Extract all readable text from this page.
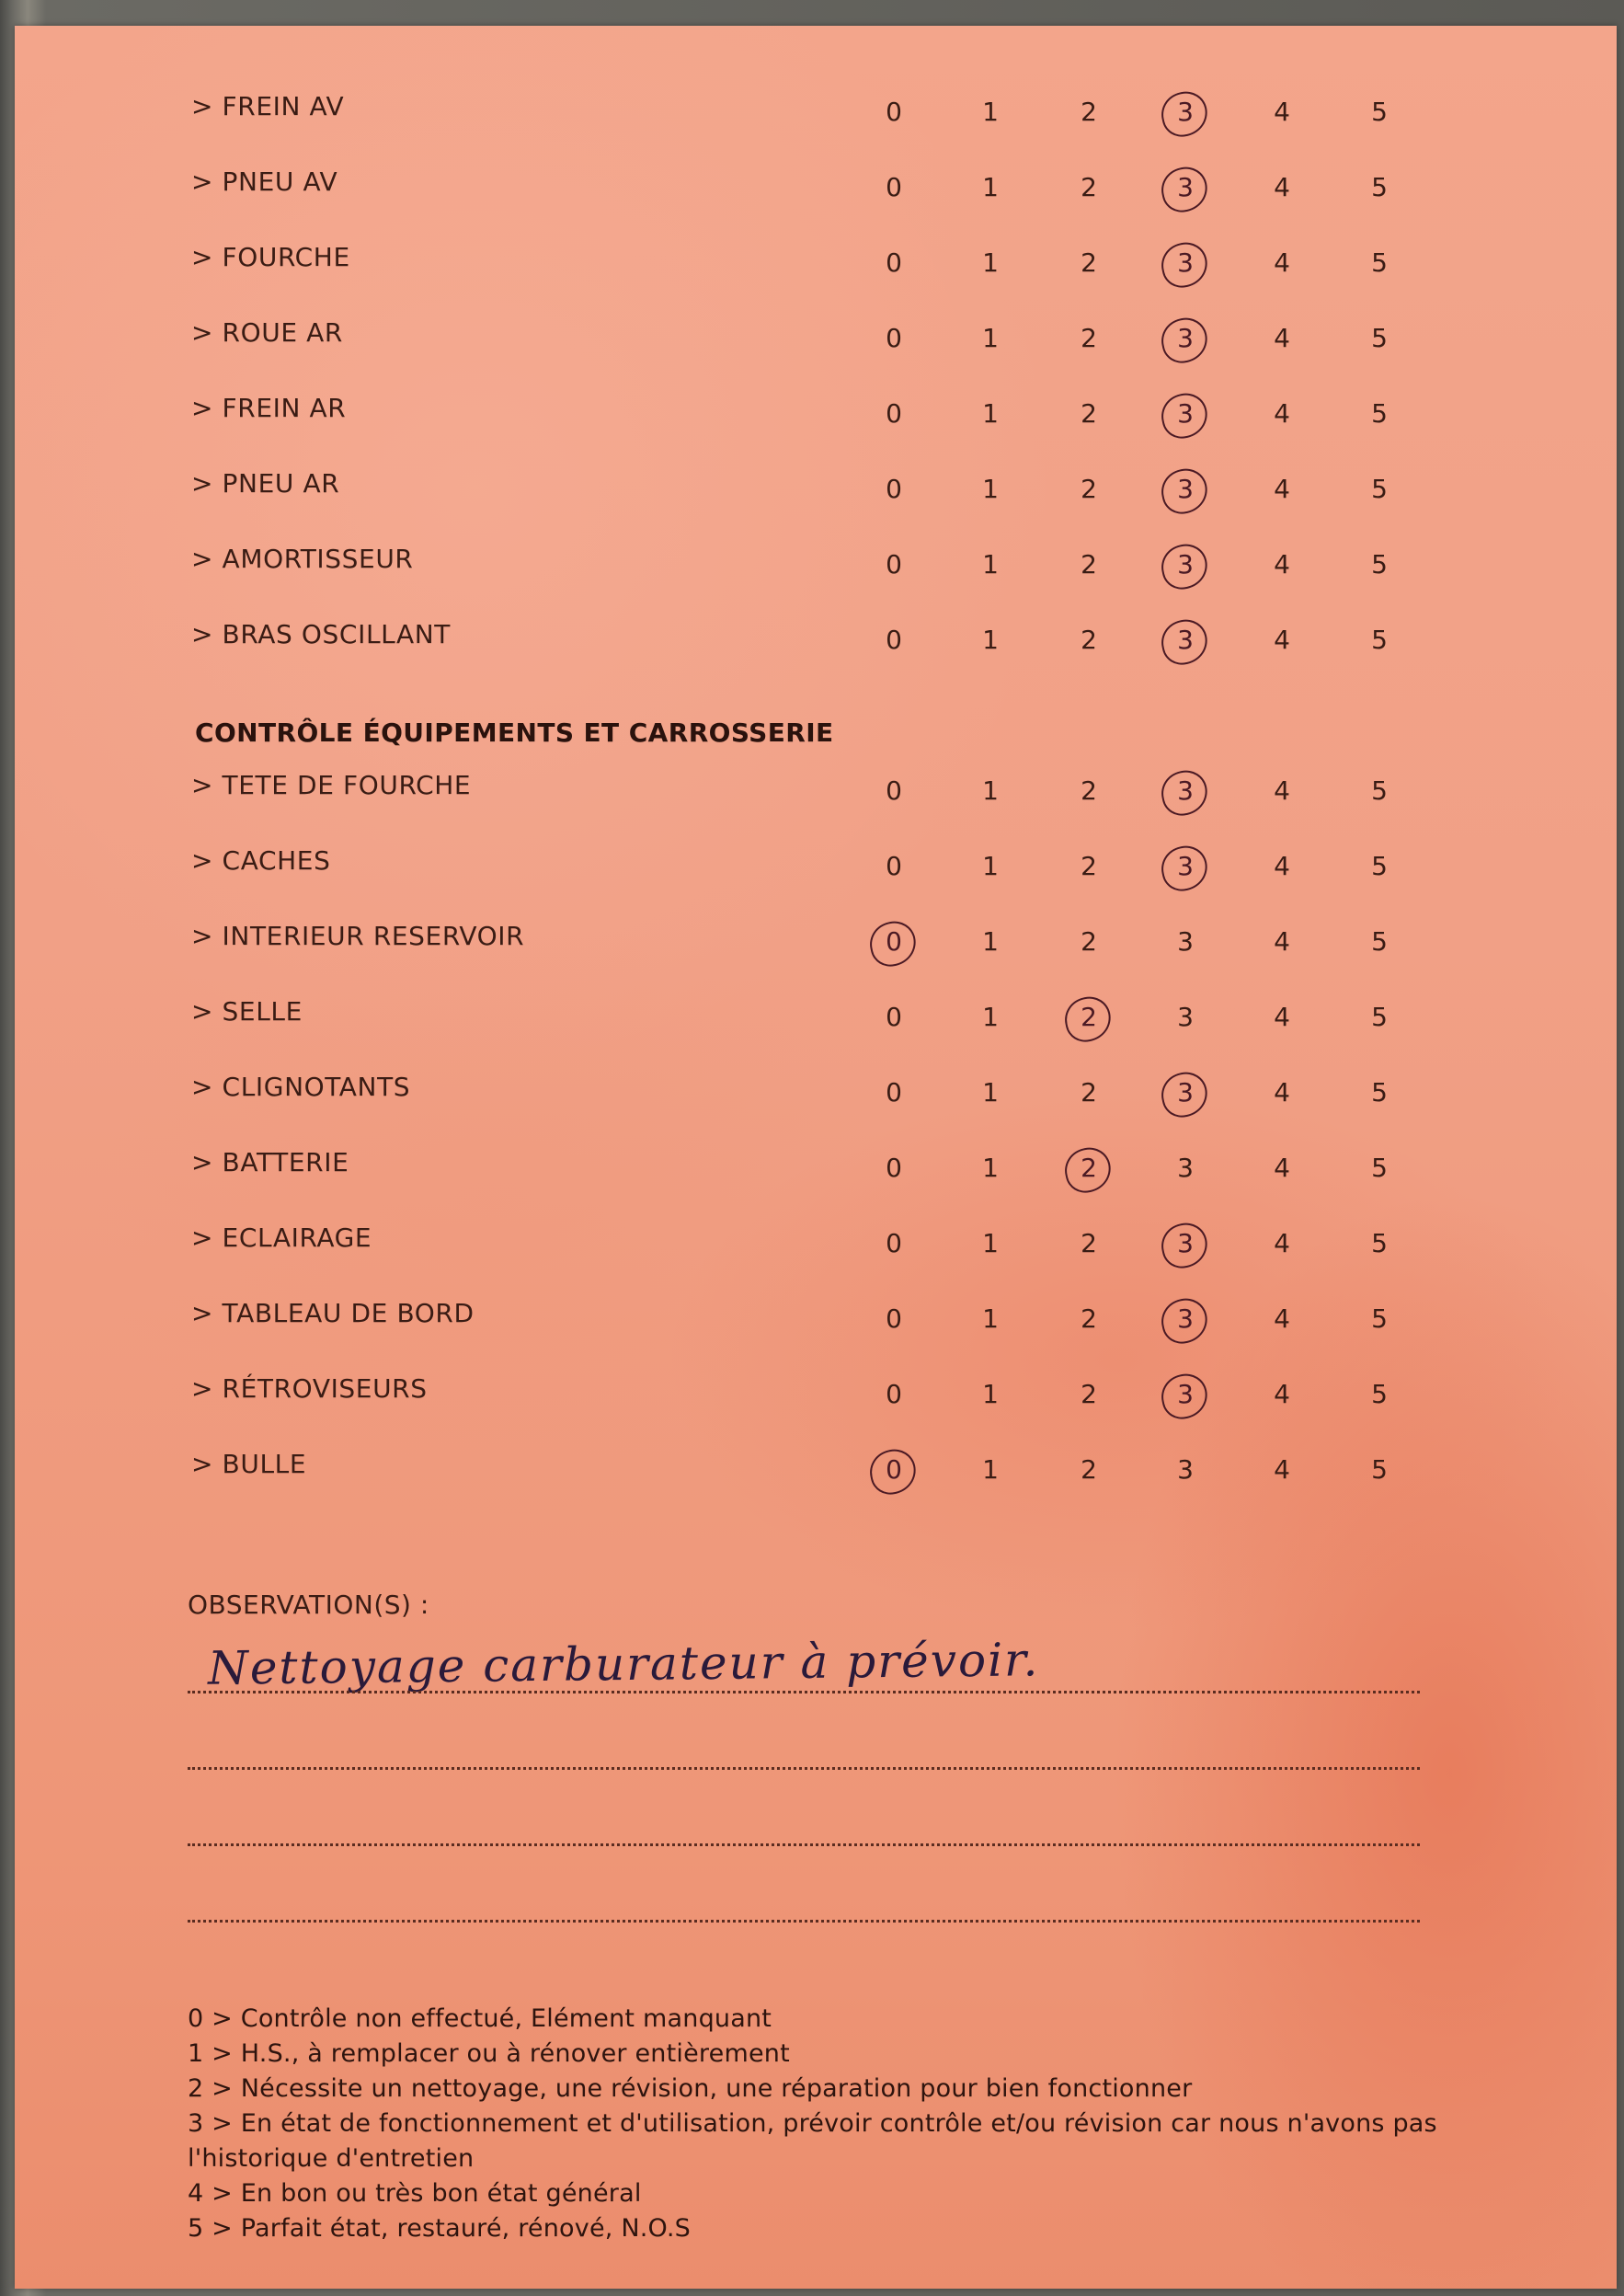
> FREIN AV	0	1	2	3	4	5
> PNEU AV	0	1	2	3	4	5
> FOURCHE	0	1	2	3	4	5
> ROUE AR	0	1	2	3	4	5
> FREIN AR	0	1	2	3	4	5
> PNEU AR	0	1	2	3	4	5
> AMORTISSEUR	0	1	2	3	4	5
> BRAS OSCILLANT	0	1	2	3	4	5
CONTRÔLE ÉQUIPEMENTS ET CARROSSERIE
> TETE DE FOURCHE	0	1	2	3	4	5
> CACHES	0	1	2	3	4	5
> INTERIEUR RESERVOIR	0	1	2	3	4	5
> SELLE	0	1	2	3	4	5
> CLIGNOTANTS	0	1	2	3	4	5
> BATTERIE	0	1	2	3	4	5
> ECLAIRAGE	0	1	2	3	4	5
> TABLEAU DE BORD	0	1	2	3	4	5
> RÉTROVISEURS	0	1	2	3	4	5
> BULLE	0	1	2	3	4	5
OBSERVATION(S) :
Nettoyage carburateur à prévoir.
0 > Contrôle non effectué, Elément manquant
1 > H.S., à remplacer ou à rénover entièrement
2 > Nécessite un nettoyage, une révision, une réparation pour bien fonctionner
3 > En état de fonctionnement et d'utilisation, prévoir contrôle et/ou révision car nous n'avons pas l'historique d'entretien
4 > En bon ou très bon état général
5 > Parfait état, restauré, rénové, N.O.S
